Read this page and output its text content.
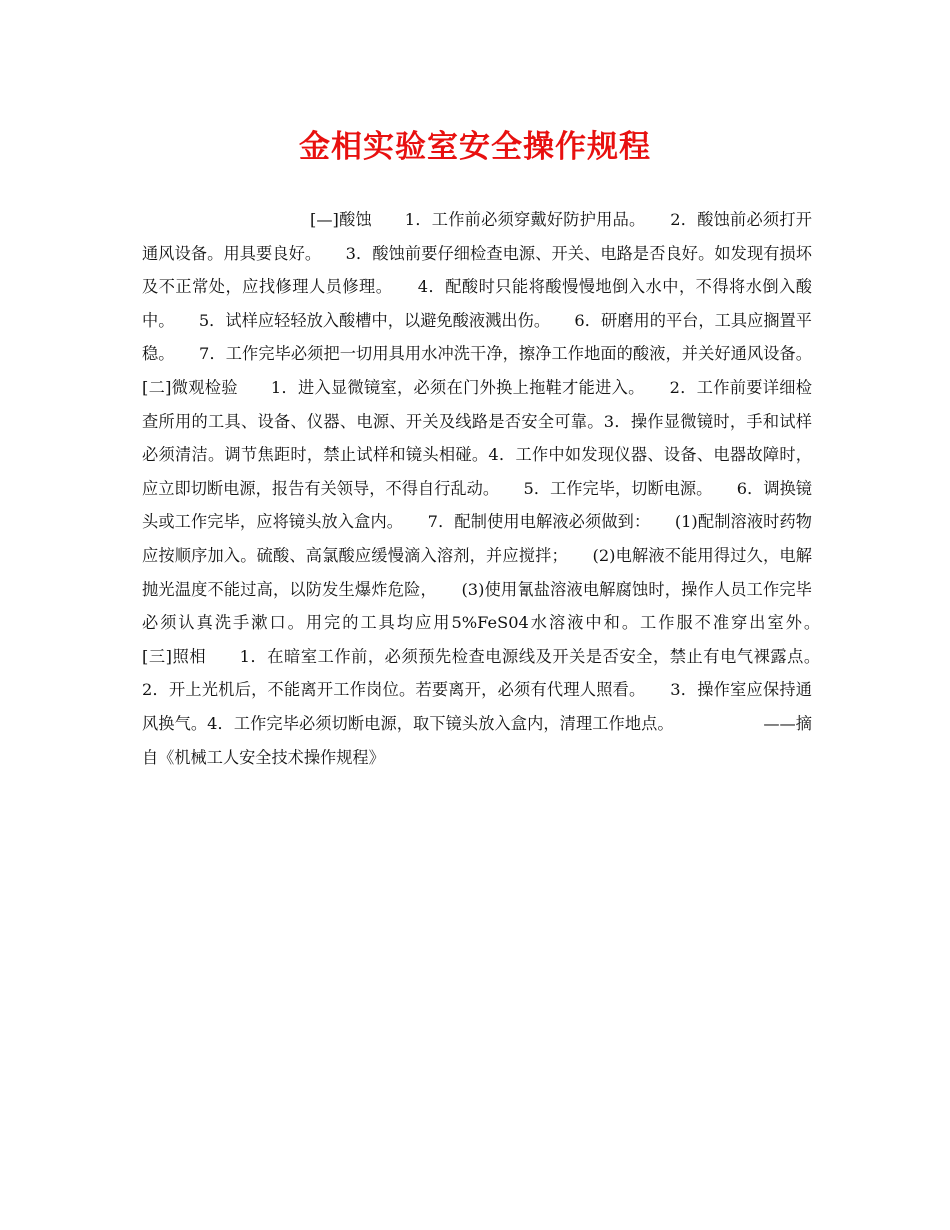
金相实验室安全操作规程
[—]酸蚀　　1．工作前必须穿戴好防护用品。　　2．酸蚀前必须打开通风设备。用具要良好。　　3．酸蚀前要仔细检查电源、开关、电路是否良好。如发现有损坏及不正常处，应找修理人员修理。　　4．配酸时只能将酸慢慢地倒入水中，不得将水倒入酸中。　　5．试样应轻轻放入酸槽中，以避免酸液溅出伤。　　6．研磨用的平台，工具应搁置平稳。　　7．工作完毕必须把一切用具用水冲洗干净，擦净工作地面的酸液，并关好通风设备。[二]微观检验　　1．进入显微镜室，必须在门外换上拖鞋才能进入。　　2．工作前要详细检查所用的工具、设备、仪器、电源、开关及线路是否安全可靠。3．操作显微镜时，手和试样必须清洁。调节焦距时，禁止试样和镜头相碰。4．工作中如发现仪器、设备、电器故障时，应立即切断电源，报告有关领导，不得自行乱动。　　5．工作完毕，切断电源。　　6．调换镜头或工作完毕，应将镜头放入盒内。　　7．配制使用电解液必须做到：　　(1)配制溶液时药物应按顺序加入。硫酸、高氯酸应缓慢滴入溶剂，并应搅拌；　　(2)电解液不能用得过久，电解抛光温度不能过高，以防发生爆炸危险，　　(3)使用氰盐溶液电解腐蚀时，操作人员工作完毕必须认真洗手漱口。用完的工具均应用5%FeS04水溶液中和。工作服不准穿出室外。　　　　　　　　[三]照相　　1．在暗室工作前，必须预先检查电源线及开关是否安全，禁止有电气裸露点。　　2．开上光机后，不能离开工作岗位。若要离开，必须有代理人照看。　　3．操作室应保持通风换气。4．工作完毕必须切断电源，取下镜头放入盒内，清理工作地点。　　　　　　——摘自《机械工人安全技术操作规程》
